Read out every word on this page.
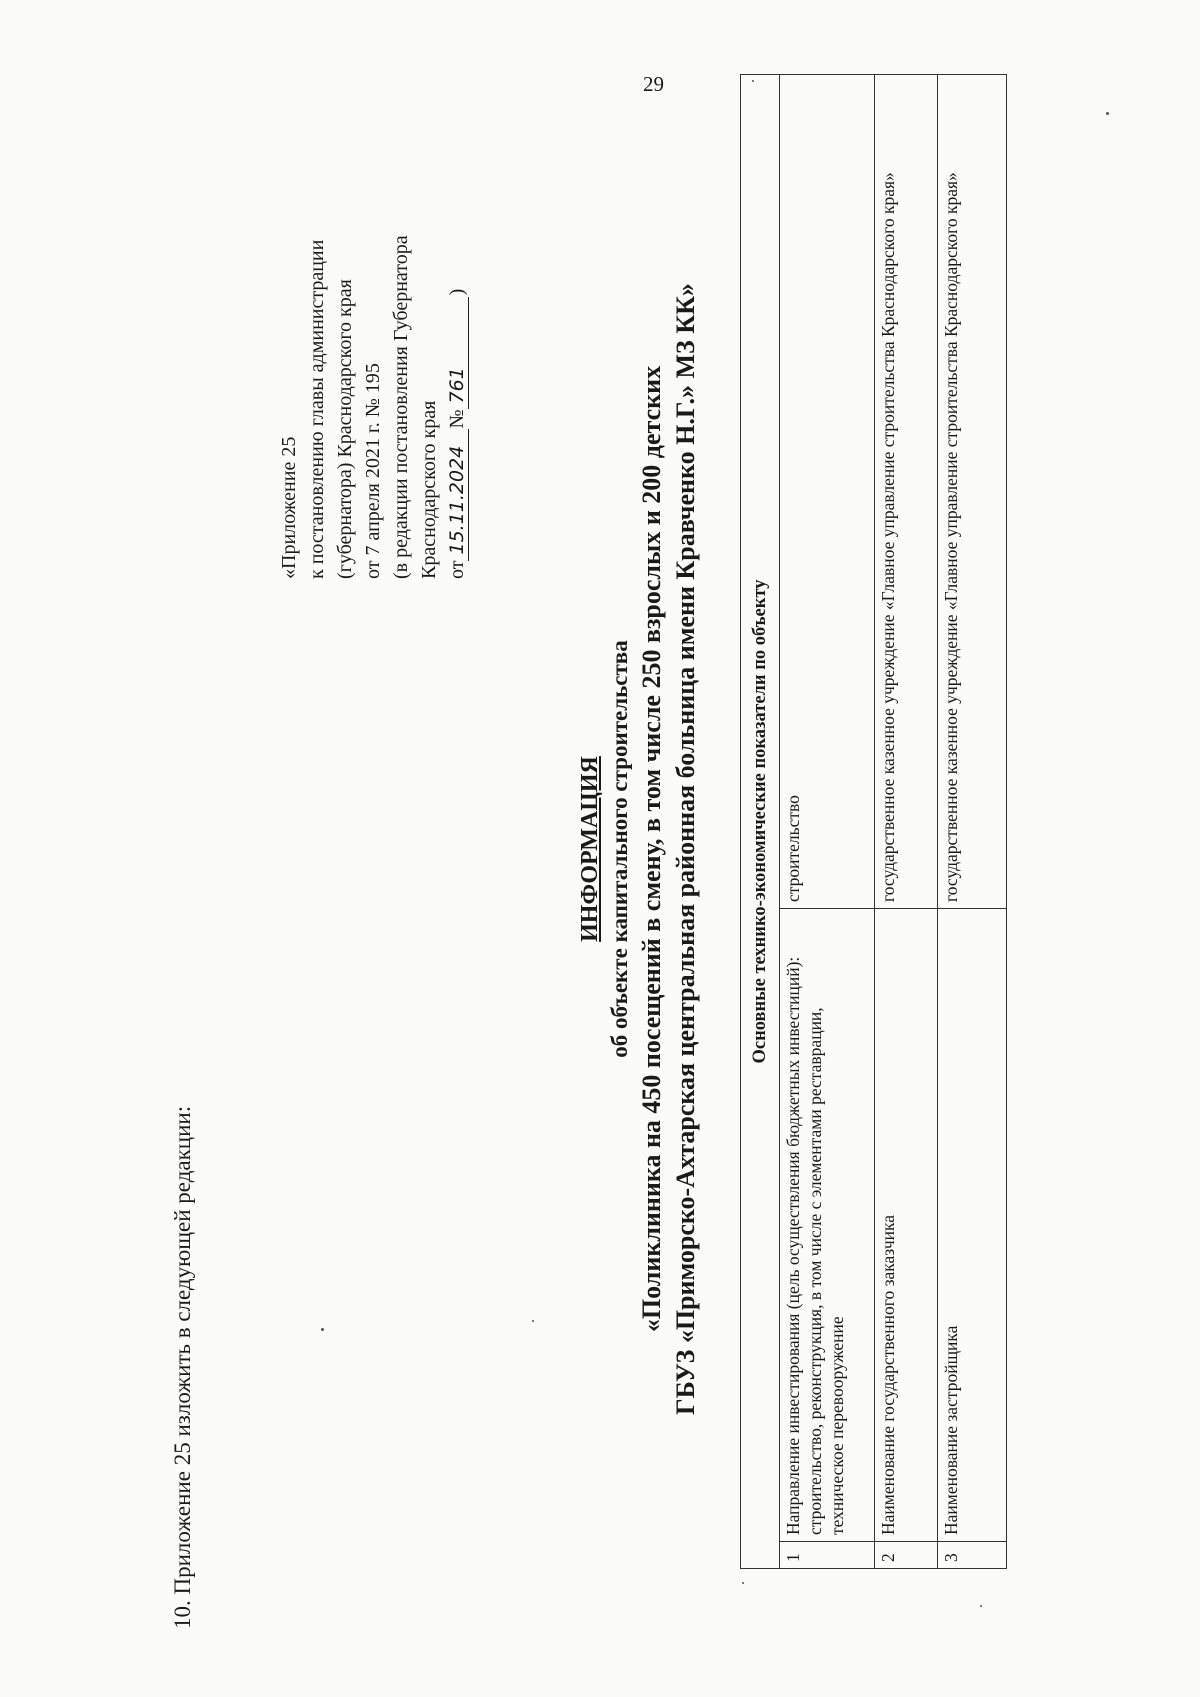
29
10. Приложение 25 изложить в следующей редакции:
«Приложение 25 к постановлению главы администрации (губернатора) Краснодарского края от 7 апреля 2021 г. № 195 (в редакции постановления Губернатора Краснодарского края от15.11.2024№761)
ИНФОРМАЦИЯ об объекте капитального строительства «Поликлиника на 450 посещений в смену, в том числе 250 взрослых и 200 детских ГБУЗ «Приморско-Ахтарская центральная районная больница имени Кравченко Н.Г.» МЗ КК»	Основные технико-экономические показатели по объекту		
1	Направление инвестирования (цель осуществления бюджетных инвестиций): строительство, реконструкция, в том числе с элементами реставрации, техническое перевооружение	строительство
2	Наименование государственного заказчика	государственное казенное учреждение «Главное управление строительства Краснодарского края»
3	Наименование застройщика	государственное казенное учреждение «Главное управление строительства Краснодарского края»
